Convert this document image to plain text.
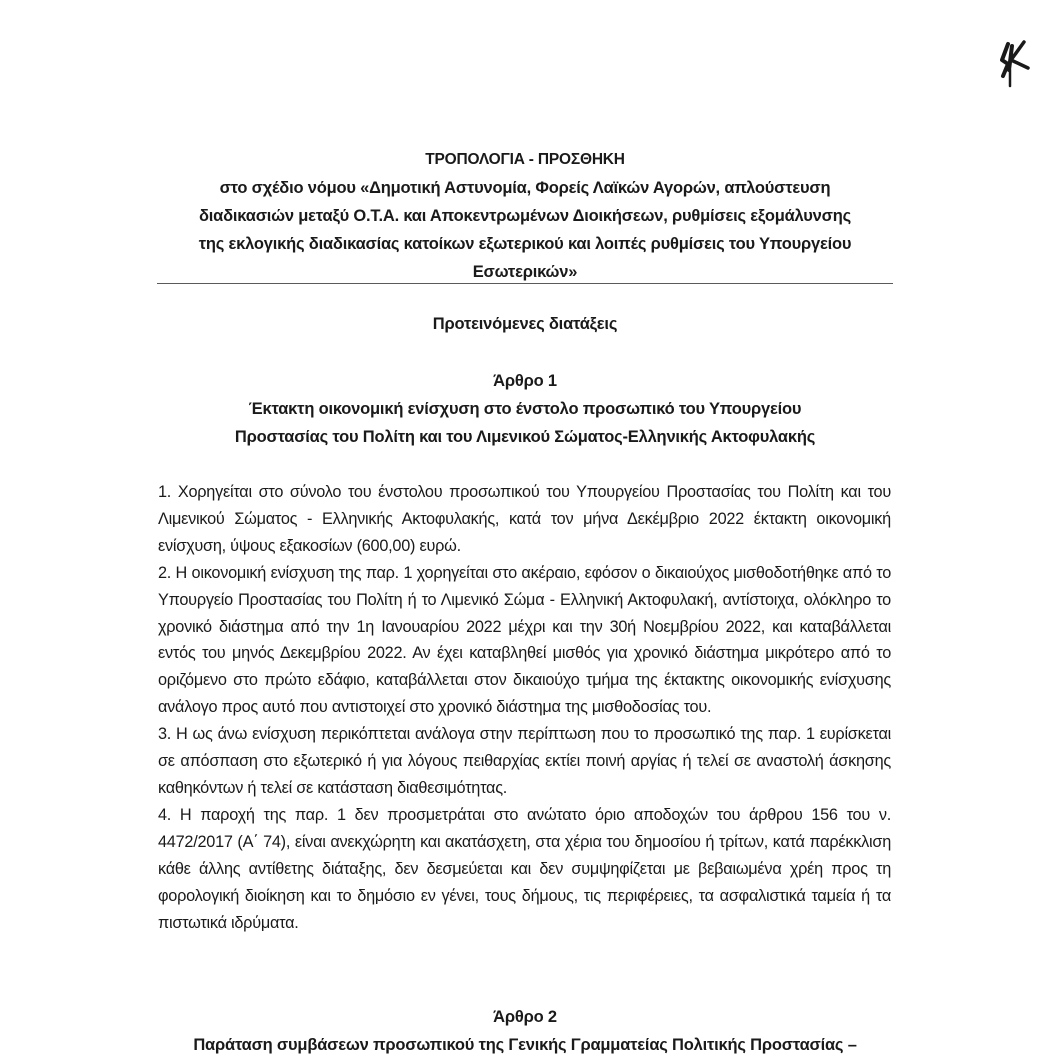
ΤΡΟΠΟΛΟΓΙΑ - ΠΡΟΣΘΗΚΗ
στο σχέδιο νόμου «Δημοτική Αστυνομία, Φορείς Λαϊκών Αγορών, απλούστευση
διαδικασιών μεταξύ Ο.Τ.Α. και Αποκεντρωμένων Διοικήσεων, ρυθμίσεις εξομάλυνσης
της εκλογικής διαδικασίας κατοίκων εξωτερικού και λοιπές ρυθμίσεις του Υπουργείου
Εσωτερικών»
Προτεινόμενες διατάξεις
Άρθρο 1
Έκτακτη οικονομική ενίσχυση στο ένστολο προσωπικό του Υπουργείου
Προστασίας του Πολίτη και του Λιμενικού Σώματος-Ελληνικής Ακτοφυλακής

1. Χορηγείται στο σύνολο του ένστολου προσωπικού του Υπουργείου Προστασίας του Πολίτη και του Λιμενικού Σώματος - Ελληνικής Ακτοφυλακής, κατά τον μήνα Δεκέμβριο 2022 έκτακτη οικονομική ενίσχυση, ύψους εξακοσίων (600,00) ευρώ.

2. Η οικονομική ενίσχυση της παρ. 1 χορηγείται στο ακέραιο, εφόσον ο δικαιούχος μισθοδοτήθηκε από το Υπουργείο Προστασίας του Πολίτη ή το Λιμενικό Σώμα - Ελληνική Ακτοφυλακή, αντίστοιχα, ολόκληρο το χρονικό διάστημα από την 1η Ιανουαρίου 2022 μέχρι και την 30ή Νοεμβρίου 2022, και καταβάλλεται εντός του μηνός Δεκεμβρίου 2022. Αν έχει καταβληθεί μισθός για χρονικό διάστημα μικρότερο από το οριζόμενο στο πρώτο εδάφιο, καταβάλλεται στον δικαιούχο τμήμα της έκτακτης οικονομικής ενίσχυσης ανάλογο προς αυτό που αντιστοιχεί στο χρονικό διάστημα της μισθοδοσίας του.

3. Η ως άνω ενίσχυση περικόπτεται ανάλογα στην περίπτωση που το προσωπικό της παρ. 1 ευρίσκεται σε απόσπαση στο εξωτερικό ή για λόγους πειθαρχίας εκτίει ποινή αργίας ή τελεί σε αναστολή άσκησης καθηκόντων ή τελεί σε κατάσταση διαθεσιμότητας.

4. Η παροχή της παρ. 1 δεν προσμετράται στο ανώτατο όριο αποδοχών του άρθρου 156 του ν. 4472/2017 (Α΄ 74), είναι ανεκχώρητη και ακατάσχετη, στα χέρια του δημοσίου ή τρίτων, κατά παρέκκλιση κάθε άλλης αντίθετης διάταξης, δεν δεσμεύεται και δεν συμψηφίζεται με βεβαιωμένα χρέη προς τη φορολογική διοίκηση και το δημόσιο εν γένει, τους δήμους, τις περιφέρειες, τα ασφαλιστικά ταμεία ή τα πιστωτικά ιδρύματα.

Άρθρο 2
Παράταση συμβάσεων προσωπικού της Γενικής Γραμματείας Πολιτικής Προστασίας –
